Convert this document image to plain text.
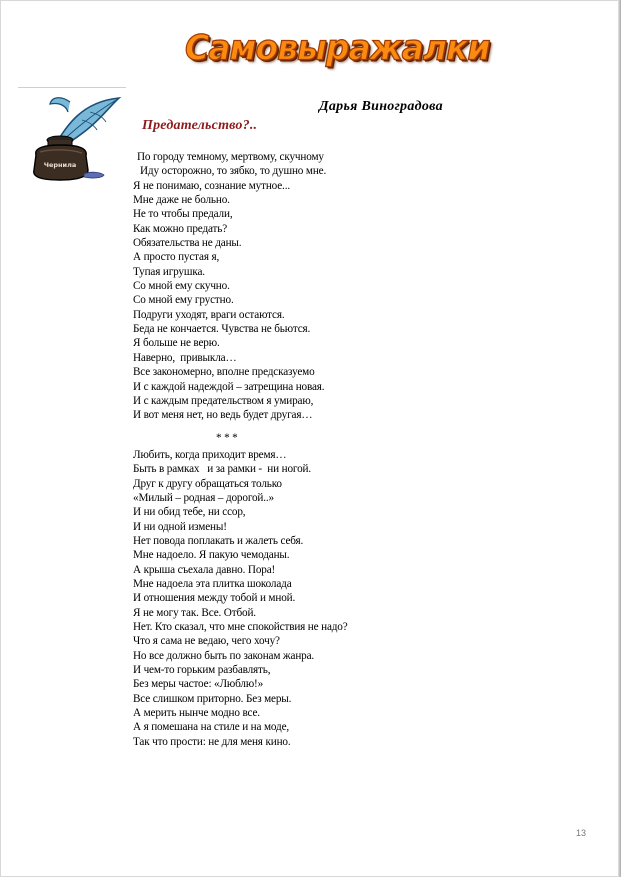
Самовыражалки
Чернила
Дарья Виноградова
Предательство?..
По городу темному, мертвому, скучному
Иду осторожно, то зябко, то душно мне.
Я не понимаю, сознание мутное...
Мне даже не больно.
Не то чтобы предали,
Как можно предать?
Обязательства не даны.
А просто пустая я,
Тупая игрушка.
Со мной ему скучно.
Со мной ему грустно.
Подруги уходят, враги остаются.
Беда не кончается. Чувства не бьются.
Я больше не верю.
Наверно,  привыкла…
Все закономерно, вполне предсказуемо
И с каждой надеждой – затрещина новая.
И с каждым предательством я умираю,
И вот меня нет, но ведь будет другая…
* * *
Любить, когда приходит время…
Быть в рамках   и за рамки -  ни ногой.
Друг к другу обращаться только
«Милый – родная – дорогой..»
И ни обид тебе, ни ссор,
И ни одной измены!
Нет повода поплакать и жалеть себя.
Мне надоело. Я пакую чемоданы.
А крыша съехала давно. Пора!
Мне надоела эта плитка шоколада
И отношения между тобой и мной.
Я не могу так. Все. Отбой.
Нет. Кто сказал, что мне спокойствия не надо?
Что я сама не ведаю, чего хочу?
Но все должно быть по законам жанра.
И чем-то горьким разбавлять,
Без меры частое: «Люблю!»
Все слишком приторно. Без меры.
А мерить нынче модно все.
А я помешана на стиле и на моде,
Так что прости: не для меня кино.
13
